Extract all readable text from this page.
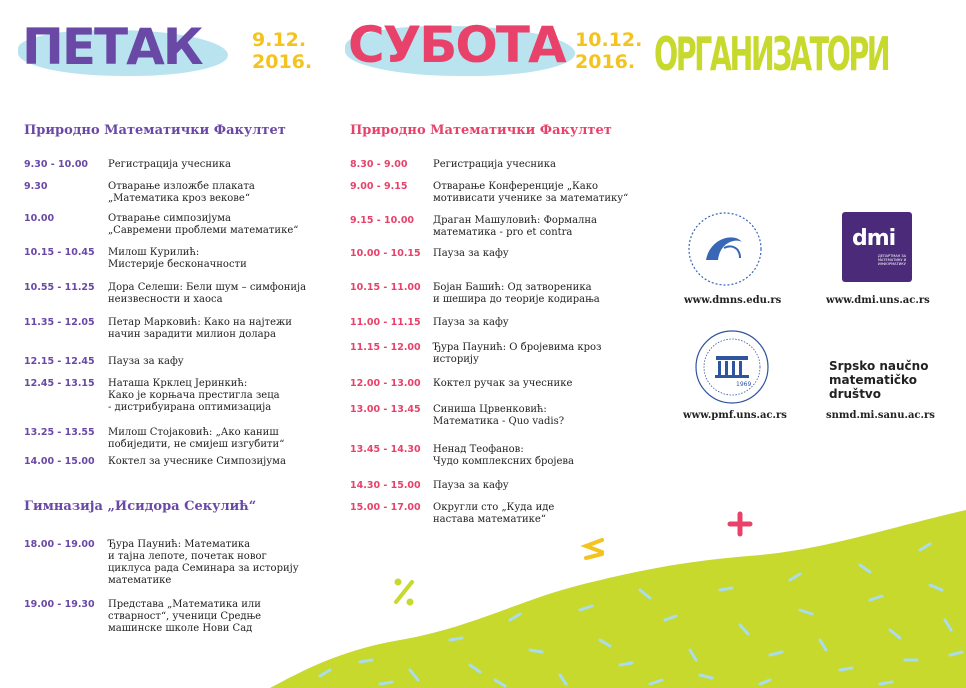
ПЕТАК	9.12.
2016. СУБОТА 10.12.
2016. ОРГАНИЗАТОРИ
Природно Математички Факултет
9.30 - 10.00 Регистрација учесника
9.30	Отварање изложбе плаката
„Математика кроз векове“
10.00	Отварање симпозијума
„Савремени проблеми математике“
10.15 - 10.45 Милош Курилић:
Мистерије бесконачности
10.55 - 11.25 Дора Селеши: Бели шум – симфонија
неизвесности и хаоса
11.35 - 12.05 Петар Марковић: Како на најтежи
начин зарадити милион долара
12.15 - 12.45 Пауза за кафу
12.45 - 13.15 Наташа Крклец Јеринкић:
Како је корњача престигла зеца
- дистрибуирана оптимизација
13.25 - 13.55 Милош Стојаковић: „Ако каниш
побиједити, не смијеш изгубити“
14.00 - 15.00 Коктел за учеснике Симпозијума
Гимназија „Исидора Секулић“
18.00 - 19.00 Ђура Паунић: Математика
и тајна лепоте, почетак новог
циклуса рада Семинара за историју
математике
19.00 - 19.30 Представа „Математика или
стварност“, ученици Средње
машинске школе Нови Сад
Природно Математички Факултет
8.30 - 9.00	Регистрација учесника
9.00 - 9.15	Отварање Конференције „Како
мотивисати ученике за математику“
9.15 - 10.00 Драган Машуловић: Формална
математика - pro et contra
10.00 - 10.15 Пауза за кафу
10.15 - 11.00 Бојан Башић: Од затвореника
и шешира до теорије кодирања
11.00 - 11.15 Пауза за кафу
11.15 - 12.00 Ђура Паунић: О бројевима кроз
историју
12.00 - 13.00 Коктел ручак за учеснике
13.00 - 13.45 Синиша Црвенковић:
Математика - Quo vadis?
13.45 - 14.30 Ненад Теофанов:
Чудо комплексних бројева
14.30 - 15.00 Пауза за кафу
15.00 - 17.00 Округли сто „Куда иде
настава математике“
www.dmns.edu.rs
dmi
ДЕПАРТМАН ЗА МАТЕМАТИКУ И ИНФОРМАТИКУ
www.dmi.uns.ac.rs
1969
www.pmf.uns.ac.rs
Srpsko naučno
matematičko
društvo
snmd.mi.sanu.ac.rs
